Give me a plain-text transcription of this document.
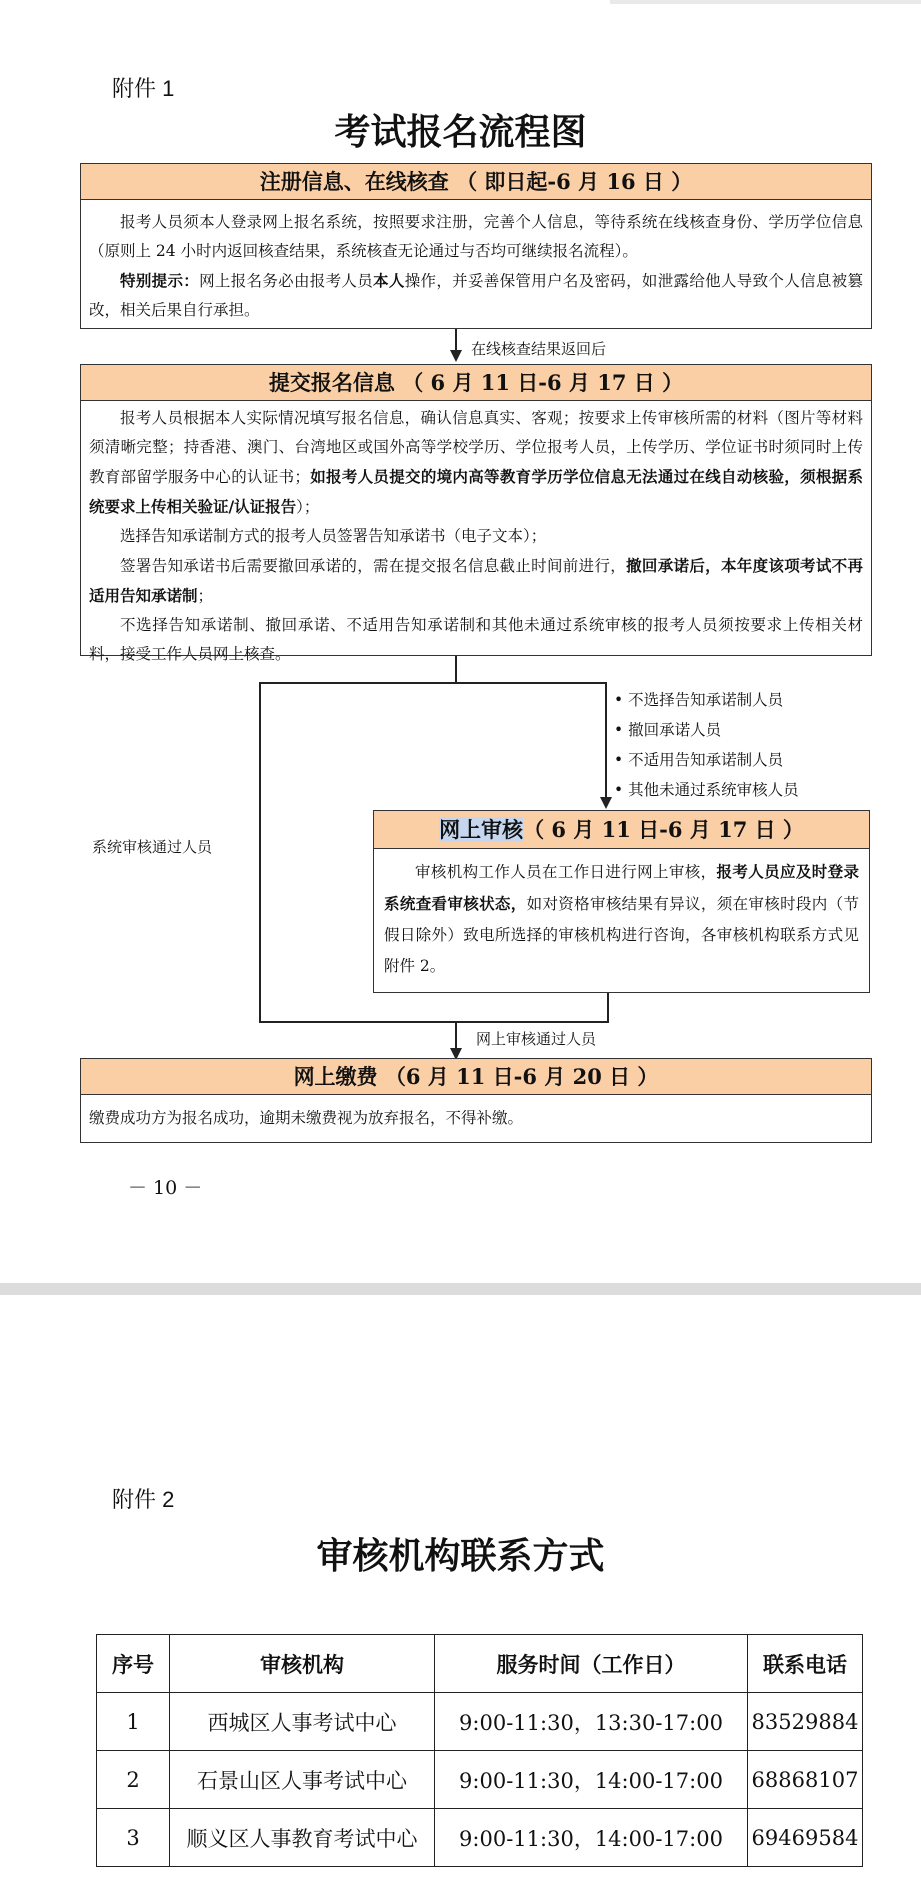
附件 1
考试报名流程图
注册信息、在线核查 （ 即日起-6 月 16 日 ）

报考人员须本人登录网上报名系统，按照要求注册，完善个人信息，等待系统在线核查身份、学历学位信息（原则上 24 小时内返回核查结果，系统核查无论通过与否均可继续报名流程）。

特别提示：网上报名务必由报考人员本人操作，并妥善保管用户名及密码，如泄露给他人导致个人信息被篡改，相关后果自行承担。

在线核查结果返回后
提交报名信息 （ 6 月 11 日-6 月 17 日 ）

报考人员根据本人实际情况填写报名信息，确认信息真实、客观；按要求上传审核所需的材料（图片等材料须清晰完整；持香港、澳门、台湾地区或国外高等学校学历、学位报考人员，上传学历、学位证书时须同时上传教育部留学服务中心的认证书；如报考人员提交的境内高等教育学历学位信息无法通过在线自动核验，须根据系统要求上传相关验证/认证报告）；

选择告知承诺制方式的报考人员签署告知承诺书（电子文本）；

签署告知承诺书后需要撤回承诺的，需在提交报名信息截止时间前进行，撤回承诺后，本年度该项考试不再适用告知承诺制；

不选择告知承诺制、撤回承诺、不适用告知承诺制和其他未通过系统审核的报考人员须按要求上传相关材料，接受工作人员网上核查。

系统审核通过人员
• 不选择告知承诺制人员
• 撤回承诺人员
• 不适用告知承诺制人员
• 其他未通过系统审核人员
网上审核（ 6 月 11 日-6 月 17 日 ）

审核机构工作人员在工作日进行网上审核，报考人员应及时登录系统查看审核状态，如对资格审核结果有异议，须在审核时段内（节假日除外）致电所选择的审核机构进行咨询，各审核机构联系方式见附件 2。

网上审核通过人员
网上缴费 （6 月 11 日-6 月 20 日 ）

缴费成功方为报名成功，逾期未缴费视为放弃报名，不得补缴。

－ 10 －
附件 2
审核机构联系方式
序号	审核机构	服务时间（工作日）	联系电话
1	西城区人事考试中心	9:00-11:30，13:30-17:00	83529884
2	石景山区人事考试中心	9:00-11:30，14:00-17:00	68868107
3	顺义区人事教育考试中心	9:00-11:30，14:00-17:00	69469584
